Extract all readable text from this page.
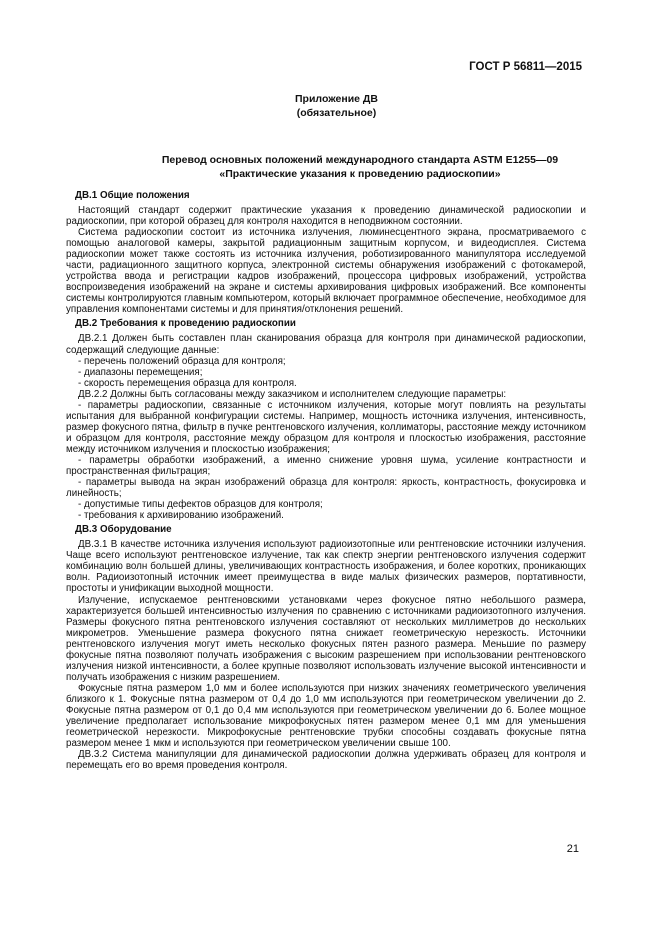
ГОСТ Р 56811—2015
Приложение ДВ
(обязательное)
Перевод основных положений международного стандарта ASTM E1255—09
«Практические указания к проведению радиоскопии»
ДВ.1 Общие положения

Настоящий стандарт содержит практические указания к проведению динамической радиоскопии и радиоскопии, при которой образец для контроля находится в неподвижном состоянии.

Система радиоскопии состоит из источника излучения, люминесцентного экрана, просматриваемого с помощью аналоговой камеры, закрытой радиационным защитным корпусом, и видеодисплея. Система радиоскопии может также состоять из источника излучения, роботизированного манипулятора исследуемой части, радиационного защитного корпуса, электронной системы обнаружения изображений с фотокамерой, устройства ввода и регистрации кадров изображений, процессора цифровых изображений, устройства воспроизведения изображений на экране и системы архивирования цифровых изображений. Все компоненты системы контролируются главным компьютером, который включает программное обеспечение, необходимое для управления компонентами системы и для принятия/отклонения решений.

ДВ.2 Требования к проведению радиоскопии

ДВ.2.1 Должен быть составлен план сканирования образца для контроля при динамической радиоскопии, содержащий следующие данные:

- перечень положений образца для контроля;

- диапазоны перемещения;

- скорость перемещения образца для контроля.

ДВ.2.2 Должны быть согласованы между заказчиком и исполнителем следующие параметры:

- параметры радиоскопии, связанные с источником излучения, которые могут повлиять на результаты испытания для выбранной конфигурации системы. Например, мощность источника излучения, интенсивность, размер фокусного пятна, фильтр в пучке рентгеновского излучения, коллиматоры, расстояние между источником и образцом для контроля, расстояние между образцом для контроля и плоскостью изображения, расстояние между источником излучения и плоскостью изображения;

- параметры обработки изображений, а именно снижение уровня шума, усиление контрастности и пространственная фильтрация;

- параметры вывода на экран изображений образца для контроля: яркость, контрастность, фокусировка и линейность;

- допустимые типы дефектов образцов для контроля;

- требования к архивированию изображений.

ДВ.3 Оборудование

ДВ.3.1 В качестве источника излучения используют радиоизотопные или рентгеновские источники излучения. Чаще всего используют рентгеновское излучение, так как спектр энергии рентгеновского излучения содержит комбинацию волн большей длины, увеличивающих контрастность изображения, и более коротких, проникающих волн. Радиоизотопный источник имеет преимущества в виде малых физических размеров, портативности, простоты и унификации выходной мощности.

Излучение, испускаемое рентгеновскими установками через фокусное пятно небольшого размера, характеризуется большей интенсивностью излучения по сравнению с источниками радиоизотопного излучения. Размеры фокусного пятна рентгеновского излучения составляют от нескольких миллиметров до нескольких микрометров. Уменьшение размера фокусного пятна снижает геометрическую нерезкость. Источники рентгеновского излучения могут иметь несколько фокусных пятен разного размера. Меньшие по размеру фокусные пятна позволяют получать изображения с высоким разрешением при использовании рентгеновского излучения низкой интенсивности, а более крупные позволяют использовать излучение высокой интенсивности и получать изображения с низким разрешением.

Фокусные пятна размером 1,0 мм и более используются при низких значениях геометрического увеличения близкого к 1. Фокусные пятна размером от 0,4 до 1,0 мм используются при геометрическом увеличении до 2. Фокусные пятна размером от 0,1 до 0,4 мм используются при геометрическом увеличении до 6. Более мощное увеличение предполагает использование микрофокусных пятен размером менее 0,1 мм для уменьшения геометрической нерезкости. Микрофокусные рентгеновские трубки способны создавать фокусные пятна размером менее 1 мкм и используются при геометрическом увеличении свыше 100.

ДВ.3.2 Система манипуляции для динамической радиоскопии должна удерживать образец для контроля и перемещать его во время проведения контроля.

21
